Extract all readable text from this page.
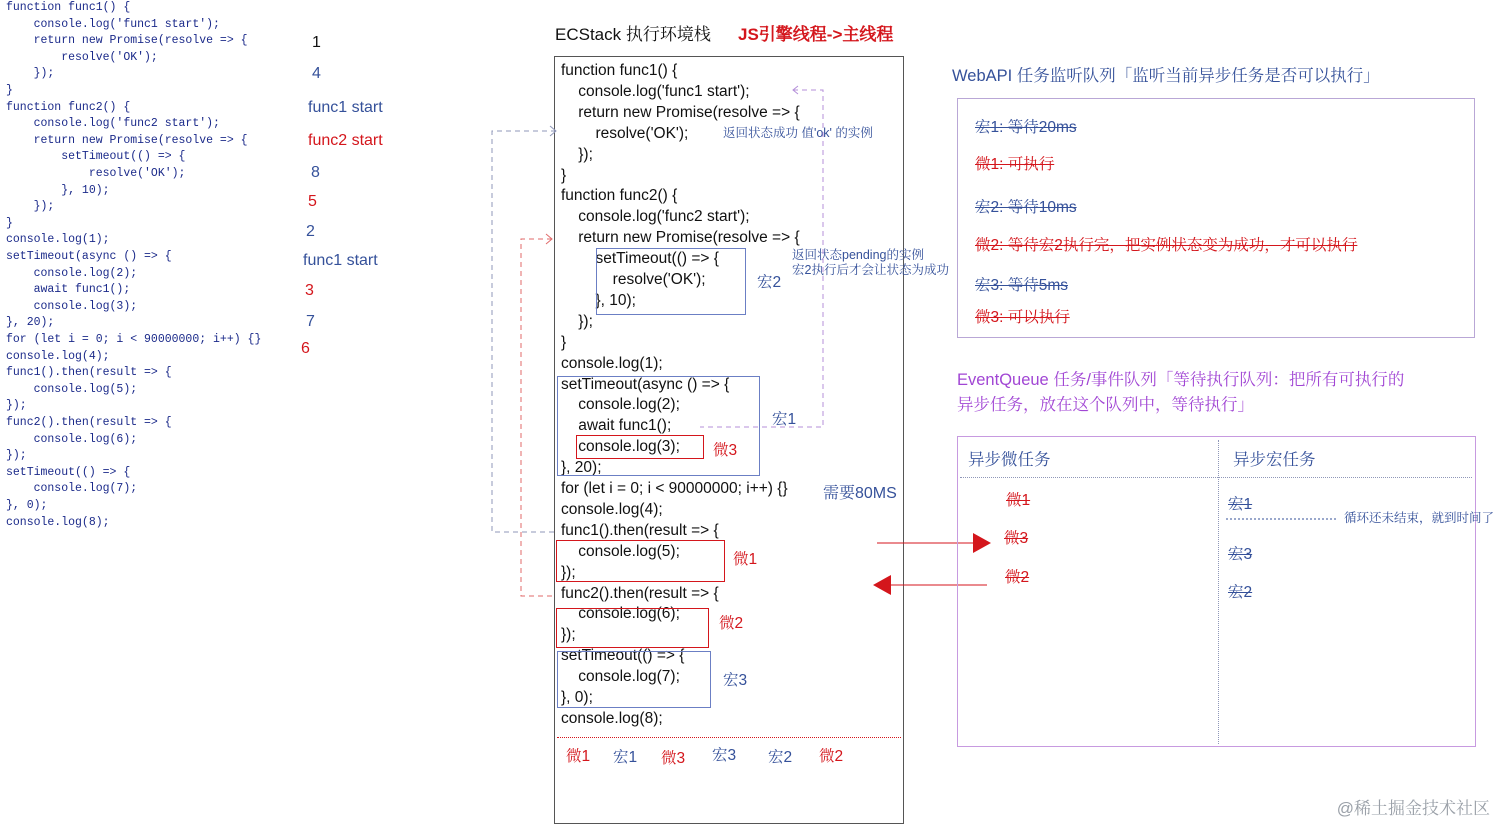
function func1() {
console.log('func1 start');
return new Promise(resolve => {
resolve('OK');
});
}
function func2() {
console.log('func2 start');
return new Promise(resolve => {
setTimeout(() => {
resolve('OK');
}, 10);
});
}
console.log(1);
setTimeout(async () => {
console.log(2);
await func1();
console.log(3);
}, 20);
for (let i = 0; i < 90000000; i++) {}
console.log(4);
func1().then(result => {
console.log(5);
});
func2().then(result => {
console.log(6);
});
setTimeout(() => {
console.log(7);
}, 0);
console.log(8);
1
4
func1 start
func2 start
8
5
2
func1 start
3
7
6
ECStack 执行环境栈 JS引擎线程->主线程
function func1() {
console.log('func1 start');
return new Promise(resolve => {
resolve('OK');
});
}
function func2() {
console.log('func2 start');
return new Promise(resolve => {
setTimeout(() => {
resolve('OK');
}, 10);
});
}
console.log(1);
setTimeout(async () => {
console.log(2);
await func1();
console.log(3);
}, 20);
for (let i = 0; i < 90000000; i++) {}
console.log(4);
func1().then(result => {
console.log(5);
});
func2().then(result => {
console.log(6);
});
setTimeout(() => {
console.log(7);
}, 0);
console.log(8);
宏2
宏1
微3
需要80MS
微1
微2
宏3
返回状态成功 值'ok' 的实例
返回状态pending的实例
宏2执行后才会让状态为成功
微1 宏1 微3 宏3 宏2 微2
WebAPI 任务监听队列「监听当前异步任务是否可以执行」
宏1: 等待20ms
微1: 可执行
宏2: 等待10ms
微2: 等待宏2执行完，把实例状态变为成功，才可以执行
宏3: 等待5ms
微3: 可以执行
EventQueue 任务/事件队列「等待执行队列：把所有可执行的
异步任务，放在这个队列中，等待执行」
异步微任务	异步宏任务
微1
微3
微2
宏1
宏3
宏2
循环还未结束，就到时间了
@稀土掘金技术社区
